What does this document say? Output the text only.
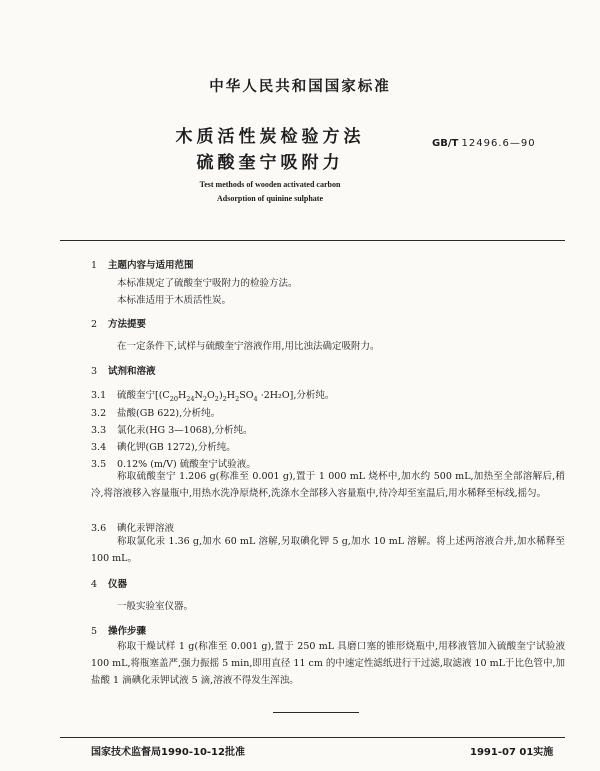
中华人民共和国国家标准
木质活性炭检验方法
硫酸奎宁吸附力
GB/T 12496.6—90
Test methods of wooden activated carbon
Adsorption of quinine sulphate
1 主题内容与适用范围
本标准规定了硫酸奎宁吸附力的检验方法。
本标准适用于木质活性炭。
2 方法提要
在一定条件下,试样与硫酸奎宁溶液作用,用比浊法确定吸附力。
3 试剂和溶液
3.1 硫酸奎宁$[(C_{20}H_{24}N_2O_2)_2H_2SO_4 \cdot 2H_2O]$,分析纯。
3.2 盐酸(GB 622),分析纯。
3.3 氯化汞(HG 3—1068),分析纯。
3.4 碘化钾(GB 1272),分析纯。
3.5 0.12% (m/V) 硫酸奎宁试验液。
称取硫酸奎宁 1.206 g(称准至 0.001 g),置于 1 000 mL 烧杯中,加水约 500 mL,加热至全部溶解后,稍冷,将溶液移入容量瓶中,用热水洗净原烧杯,洗涤水全部移入容量瓶中,待冷却至室温后,用水稀释至标线,摇匀。
3.6 碘化汞钾溶液
称取氯化汞 1.36 g,加水 60 mL 溶解,另取碘化钾 5 g,加水 10 mL 溶解。将上述两溶液合并,加水稀释至 100 mL。
4 仪器
一般实验室仪器。
5 操作步骤
称取干燥试样 1 g(称准至 0.001 g),置于 250 mL 具磨口塞的锥形烧瓶中,用移液管加入硫酸奎宁试验液 100 mL,将瓶塞盖严,强力振摇 5 min,即用直径 11 cm 的中速定性滤纸进行干过滤,取滤液 10 mL于比色管中,加盐酸 1 滴碘化汞钾试液 5 滴,溶液不得发生浑浊。
国家技术监督局1990-10-12批准	1991-07 01实施
